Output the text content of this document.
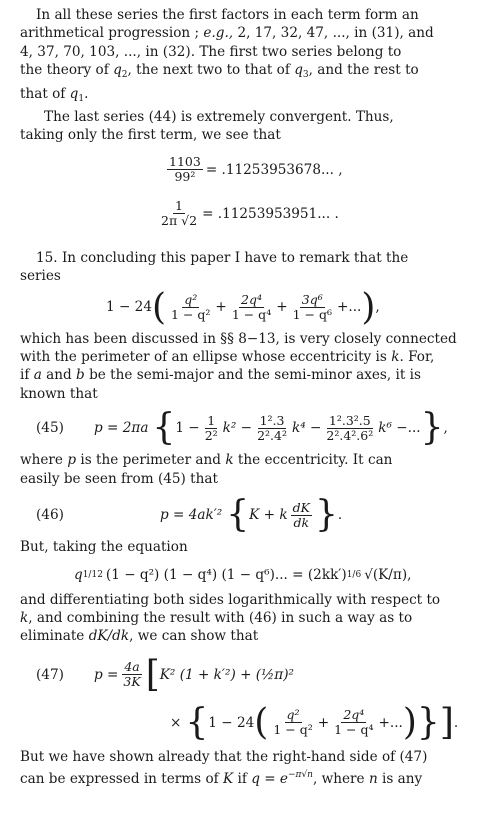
In all these series the first factors in each term form an

arithmetical progression ; e.g., 2, 17, 32, 47, ..., in (31), and

4, 37, 70, 103, ..., in (32). The first two series belong to

the theory of $q_2$, the next two to that of $q_3$, and the rest to

that of $q_1$.

The last series (44) is extremely convergent. Thus,

taking only the first term, we see that

$\frac{1103}{\text{99²}} = .11253953678$... ,
$\frac{1}{2\pi √2} = .11253953951$... .

15. In concluding this paper I have to remark that the

series

1 − 24 ( $\frac{\text{q²}}{\text{1 − q²}} + \frac{\text{2q⁴}}{\text{1 − q⁴}} + \frac{\text{3q⁶}}{\text{1 − q⁶}}$ +... ) ,

which has been discussed in §§ 8−13, is very closely connected

with the perimeter of an ellipse whose eccentricity is k. For,

if a and b be the semi-major and the semi-minor axes, it is

known that

(45) p = 2πa { $1 - \frac{1}{\text{2²}} k^2 - \frac{\text{1².3}}{\text{2².4²}} k^4 - \frac{\text{1².3².5}}{\text{2².4².6²}} k^6$ −... } ,

where p is the perimeter and k the eccentricity. It can

easily be seen from (45) that

(46)	p = 4ak′² { K + k $\frac{dK}{dk}$ } .

But, taking the equation

q 1/12 (1 − q²) (1 − q⁴) (1 − q⁶)... = (2kk′) 1/6 √(K/π),

and differentiating both sides logarithmically with respect to

k, and combining the result with (46) in such a way as to

eliminate dK/dk, we can show that

(47) $p = \frac{4a}{3K}$ [ K² (1 + k′²) + (½π)²
× { 1 − 24 ( $\frac{\text{q²}}{\text{1 − q²}} + \frac{\text{2q⁴}}{\text{1 − q⁴}}$ +... ) } ] .

But we have shown already that the right-hand side of (47)

can be expressed in terms of K if $q = e^{-\pi√n}$, where n is any
